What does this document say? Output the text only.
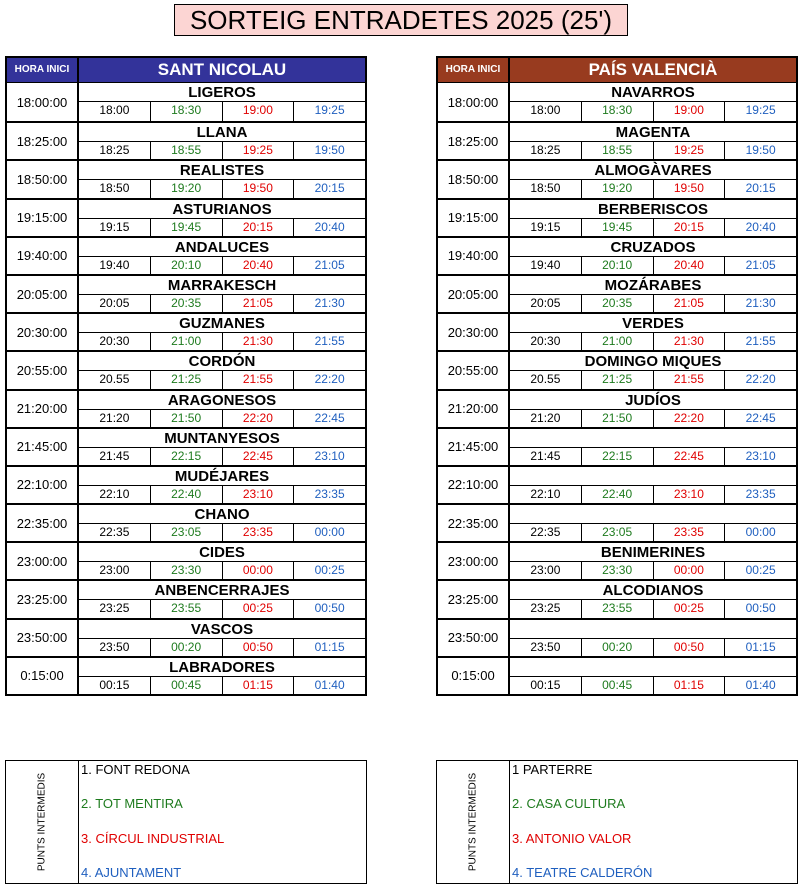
SORTEIG ENTRADETES 2025 (25')
HORA INICI	SANT NICOLAU
18:00:00
LIGEROS
18:00	18:30	19:00	19:25
18:25:00
LLANA
18:25	18:55	19:25	19:50
18:50:00
REALISTES
18:50	19:20	19:50	20:15
19:15:00
ASTURIANOS
19:15	19:45	20:15	20:40
19:40:00
ANDALUCES
19:40	20:10	20:40	21:05
20:05:00
MARRAKESCH
20:05	20:35	21:05	21:30
20:30:00
GUZMANES
20:30	21:00	21:30	21:55
20:55:00
CORDÓN
20.55	21:25	21:55	22:20
21:20:00
ARAGONESOS
21:20	21:50	22:20	22:45
21:45:00
MUNTANYESOS
21:45	22:15	22:45	23:10
22:10:00
MUDÉJARES
22:10	22:40	23:10	23:35
22:35:00
CHANO
22:35	23:05	23:35	00:00
23:00:00
CIDES
23:00	23:30	00:00	00:25
23:25:00
ANBENCERRAJES
23:25	23:55	00:25	00:50
23:50:00
VASCOS
23:50	00:20	00:50	01:15
0:15:00
LABRADORES
00:15	00:45	01:15	01:40
HORA INICI	PAÍS VALENCIÀ
18:00:00
NAVARROS
18:00	18:30	19:00	19:25
18:25:00
MAGENTA
18:25	18:55	19:25	19:50
18:50:00
ALMOGÀVARES
18:50	19:20	19:50	20:15
19:15:00
BERBERISCOS
19:15	19:45	20:15	20:40
19:40:00
CRUZADOS
19:40	20:10	20:40	21:05
20:05:00
MOZÁRABES
20:05	20:35	21:05	21:30
20:30:00
VERDES
20:30	21:00	21:30	21:55
20:55:00
DOMINGO MIQUES
20.55	21:25	21:55	22:20
21:20:00
JUDÍOS
21:20	21:50	22:20	22:45
21:45:00
21:45	22:15	22:45	23:10
22:10:00
22:10	22:40	23:10	23:35
22:35:00
22:35	23:05	23:35	00:00
23:00:00
BENIMERINES
23:00	23:30	00:00	00:25
23:25:00
ALCODIANOS
23:25	23:55	00:25	00:50
23:50:00
23:50	00:20	00:50	01:15
0:15:00
00:15	00:45	01:15	01:40
PUNTS INTERMEDIS
1. FONT REDONA
2. TOT MENTIRA
3. CÍRCUL INDUSTRIAL
4. AJUNTAMENT
PUNTS INTERMEDIS
1 PARTERRE
2. CASA CULTURA
3. ANTONIO VALOR
4. TEATRE CALDERÓN
